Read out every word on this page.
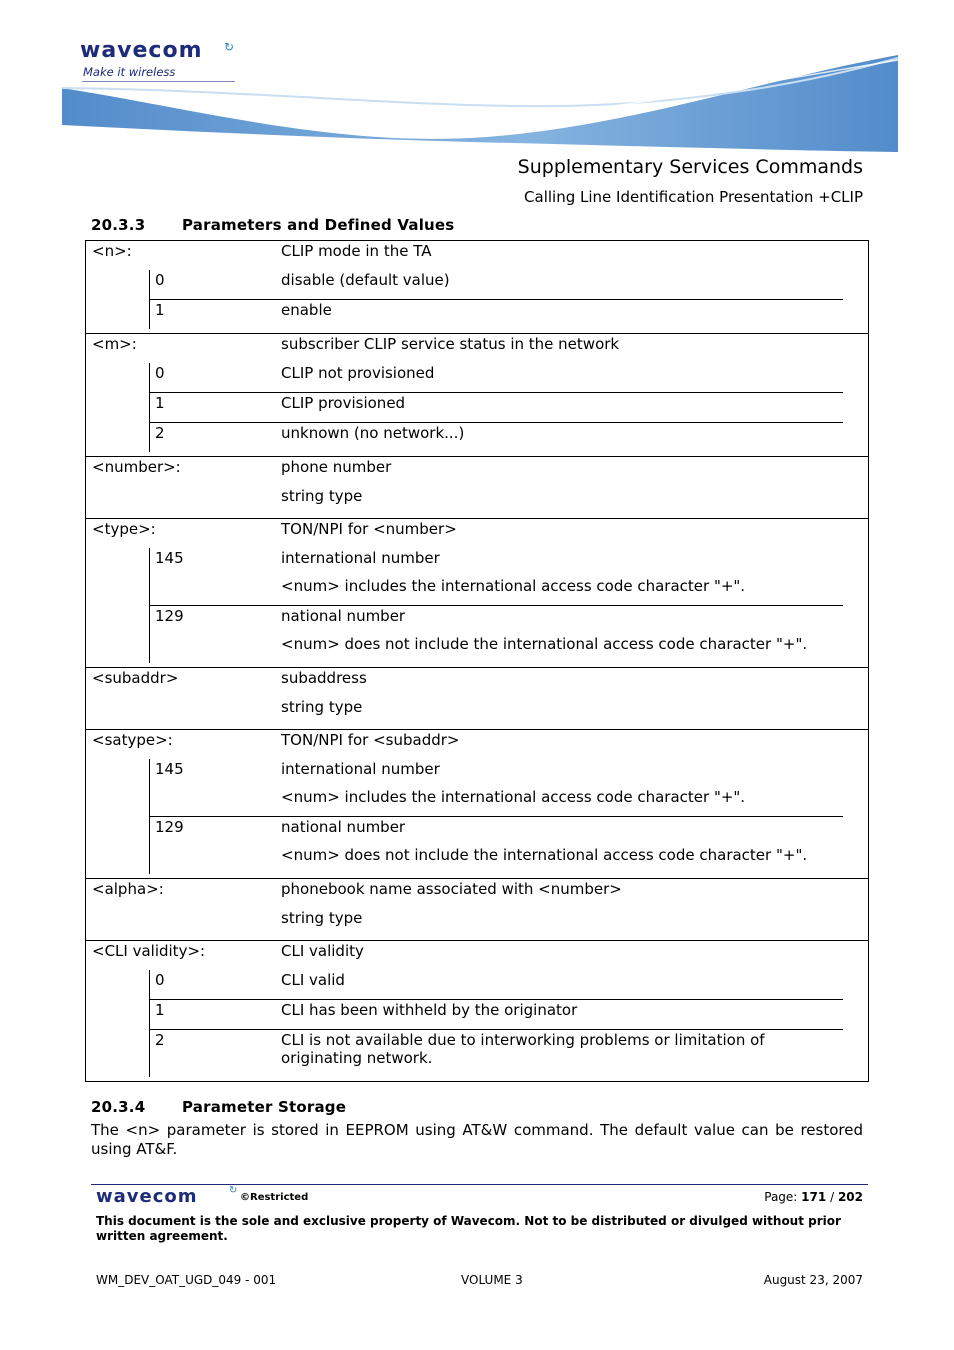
wavecom ↻
Make it wireless
Supplementary Services Commands
Calling Line Identification Presentation +CLIP
20.3.3 Parameters and Defined Values
<n>:	CLIP mode in the TA
0	disable (default value)
1	enable
<m>:	subscriber CLIP service status in the network
0	CLIP not provisioned
1	CLIP provisioned
2	unknown (no network...)
<number>:	phone number
string type
<type>:	TON/NPI for <number>
145	international number
<num> includes the international access code character "+".
129	national number
<num> does not include the international access code character "+".
<subaddr>	subaddress
string type
<satype>:	TON/NPI for <subaddr>
145	international number
<num> includes the international access code character "+".
129	national number
<num> does not include the international access code character "+".
<alpha>:	phonebook name associated with <number>
string type
<CLI validity>:	CLI validity
0	CLI valid
1	CLI has been withheld by the originator
2	CLI is not available due to interworking problems or limitation of originating network.
20.3.4 Parameter Storage
The <n> parameter is stored in EEPROM using AT&W command. The default value can be restored using AT&F.
wavecom	↻
©Restricted	Page: 171 / 202
This document is the sole and exclusive property of Wavecom. Not to be distributed or divulged without prior written agreement.
WM_DEV_OAT_UGD_049 - 001	VOLUME 3	August 23, 2007
